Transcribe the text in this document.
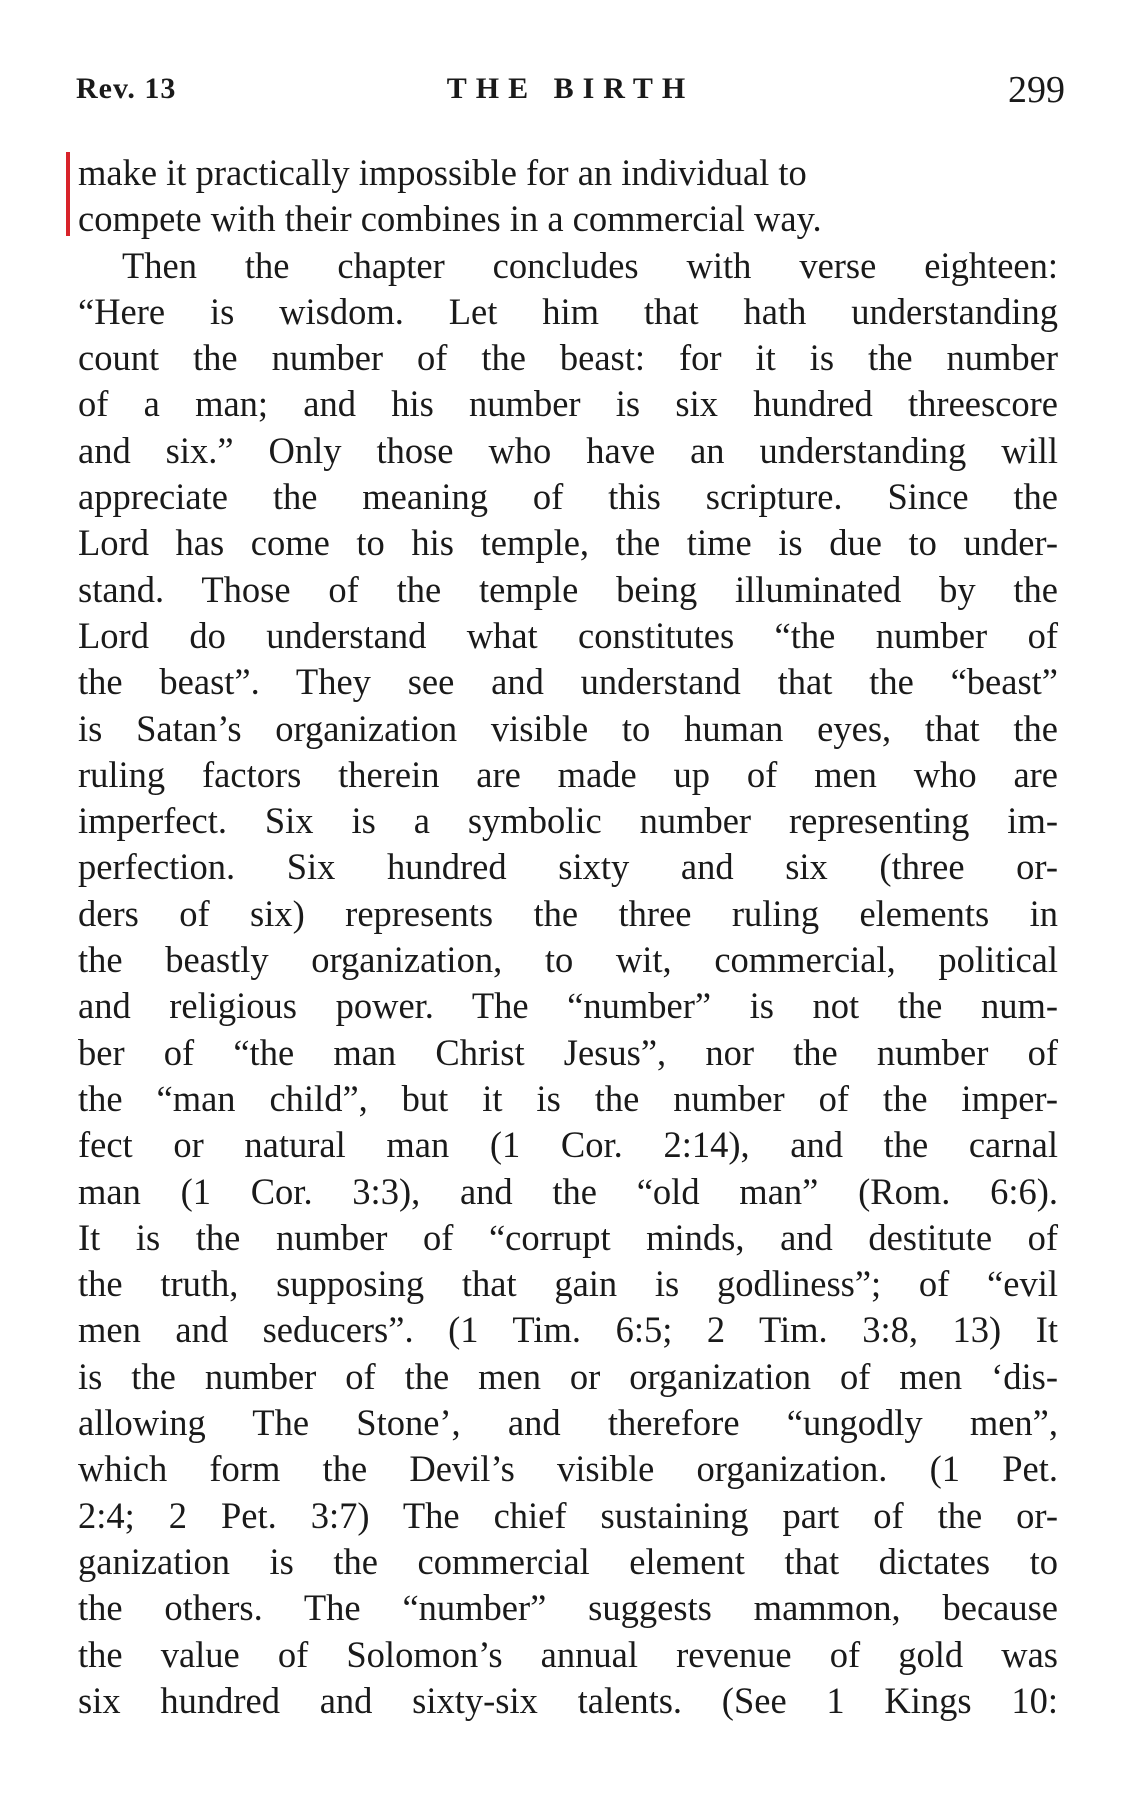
Rev. 13	THE BIRTH	299
make it practically impossible for an individual to
compete with their combines in a commercial way.
Then the chapter concludes with verse eighteen:
“Here is wisdom. Let him that hath understanding
count the number of the beast: for it is the number
of a man; and his number is six hundred threescore
and six.” Only those who have an understanding will
appreciate the meaning of this scripture. Since the
Lord has come to his temple, the time is due to under-
stand. Those of the temple being illuminated by the
Lord do understand what constitutes “the number of
the beast”. They see and understand that the “beast”
is Satan’s organization visible to human eyes, that the
ruling factors therein are made up of men who are
imperfect. Six is a symbolic number representing im-
perfection. Six hundred sixty and six (three or-
ders of six) represents the three ruling elements in
the beastly organization, to wit, commercial, political
and religious power. The “number” is not the num-
ber of “the man Christ Jesus”, nor the number of
the “man child”, but it is the number of the imper-
fect or natural man (1 Cor. 2:14), and the carnal
man (1 Cor. 3:3), and the “old man” (Rom. 6:6).
It is the number of “corrupt minds, and destitute of
the truth, supposing that gain is godliness”; of “evil
men and seducers”. (1 Tim. 6:5; 2 Tim. 3:8, 13) It
is the number of the men or organization of men ‘dis-
allowing The Stone’, and therefore “ungodly men”,
which form the Devil’s visible organization. (1 Pet.
2:4; 2 Pet. 3:7) The chief sustaining part of the or-
ganization is the commercial element that dictates to
the others. The “number” suggests mammon, because
the value of Solomon’s annual revenue of gold was
six hundred and sixty-six talents. (See 1 Kings 10:
